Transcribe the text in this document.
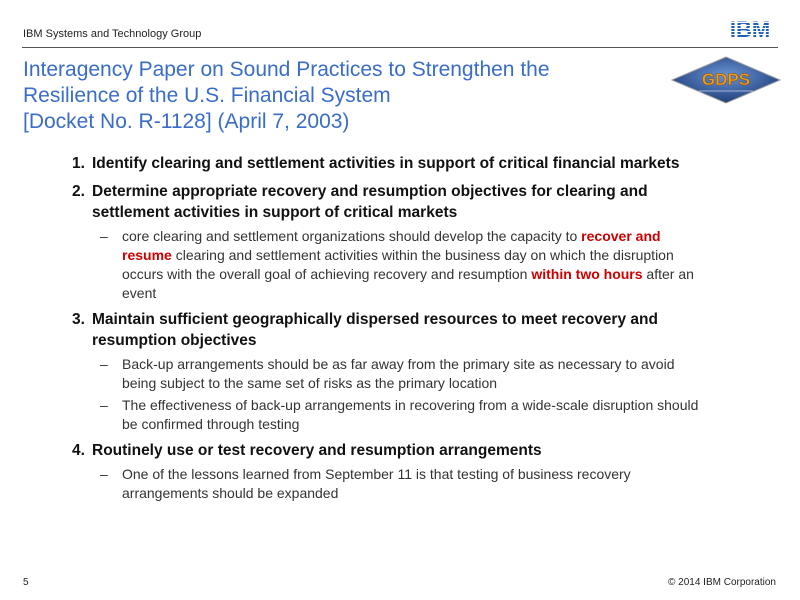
IBM Systems and Technology Group	IBM
Interagency Paper on Sound Practices to Strengthen the
Resilience of the U.S. Financial System
[Docket No. R-1128] (April 7, 2003)
GDPS
1. Identify clearing and settlement activities in support of critical financial markets
2. Determine appropriate recovery and resumption objectives for clearing and settlement activities in support of critical markets
–	core clearing and settlement organizations should develop the capacity to recover and resume clearing and settlement activities within the business day on which the disruption occurs with the overall goal of achieving recovery and resumption within two hours after an event
3. Maintain sufficient geographically dispersed resources to meet recovery and resumption objectives
–	Back-up arrangements should be as far away from the primary site as necessary to avoid being subject to the same set of risks as the primary location
–	The effectiveness of back-up arrangements in recovering from a wide-scale disruption should be confirmed through testing
4. Routinely use or test recovery and resumption arrangements
–	One of the lessons learned from September 11 is that testing of business recovery arrangements should be expanded
5	© 2014 IBM Corporation
